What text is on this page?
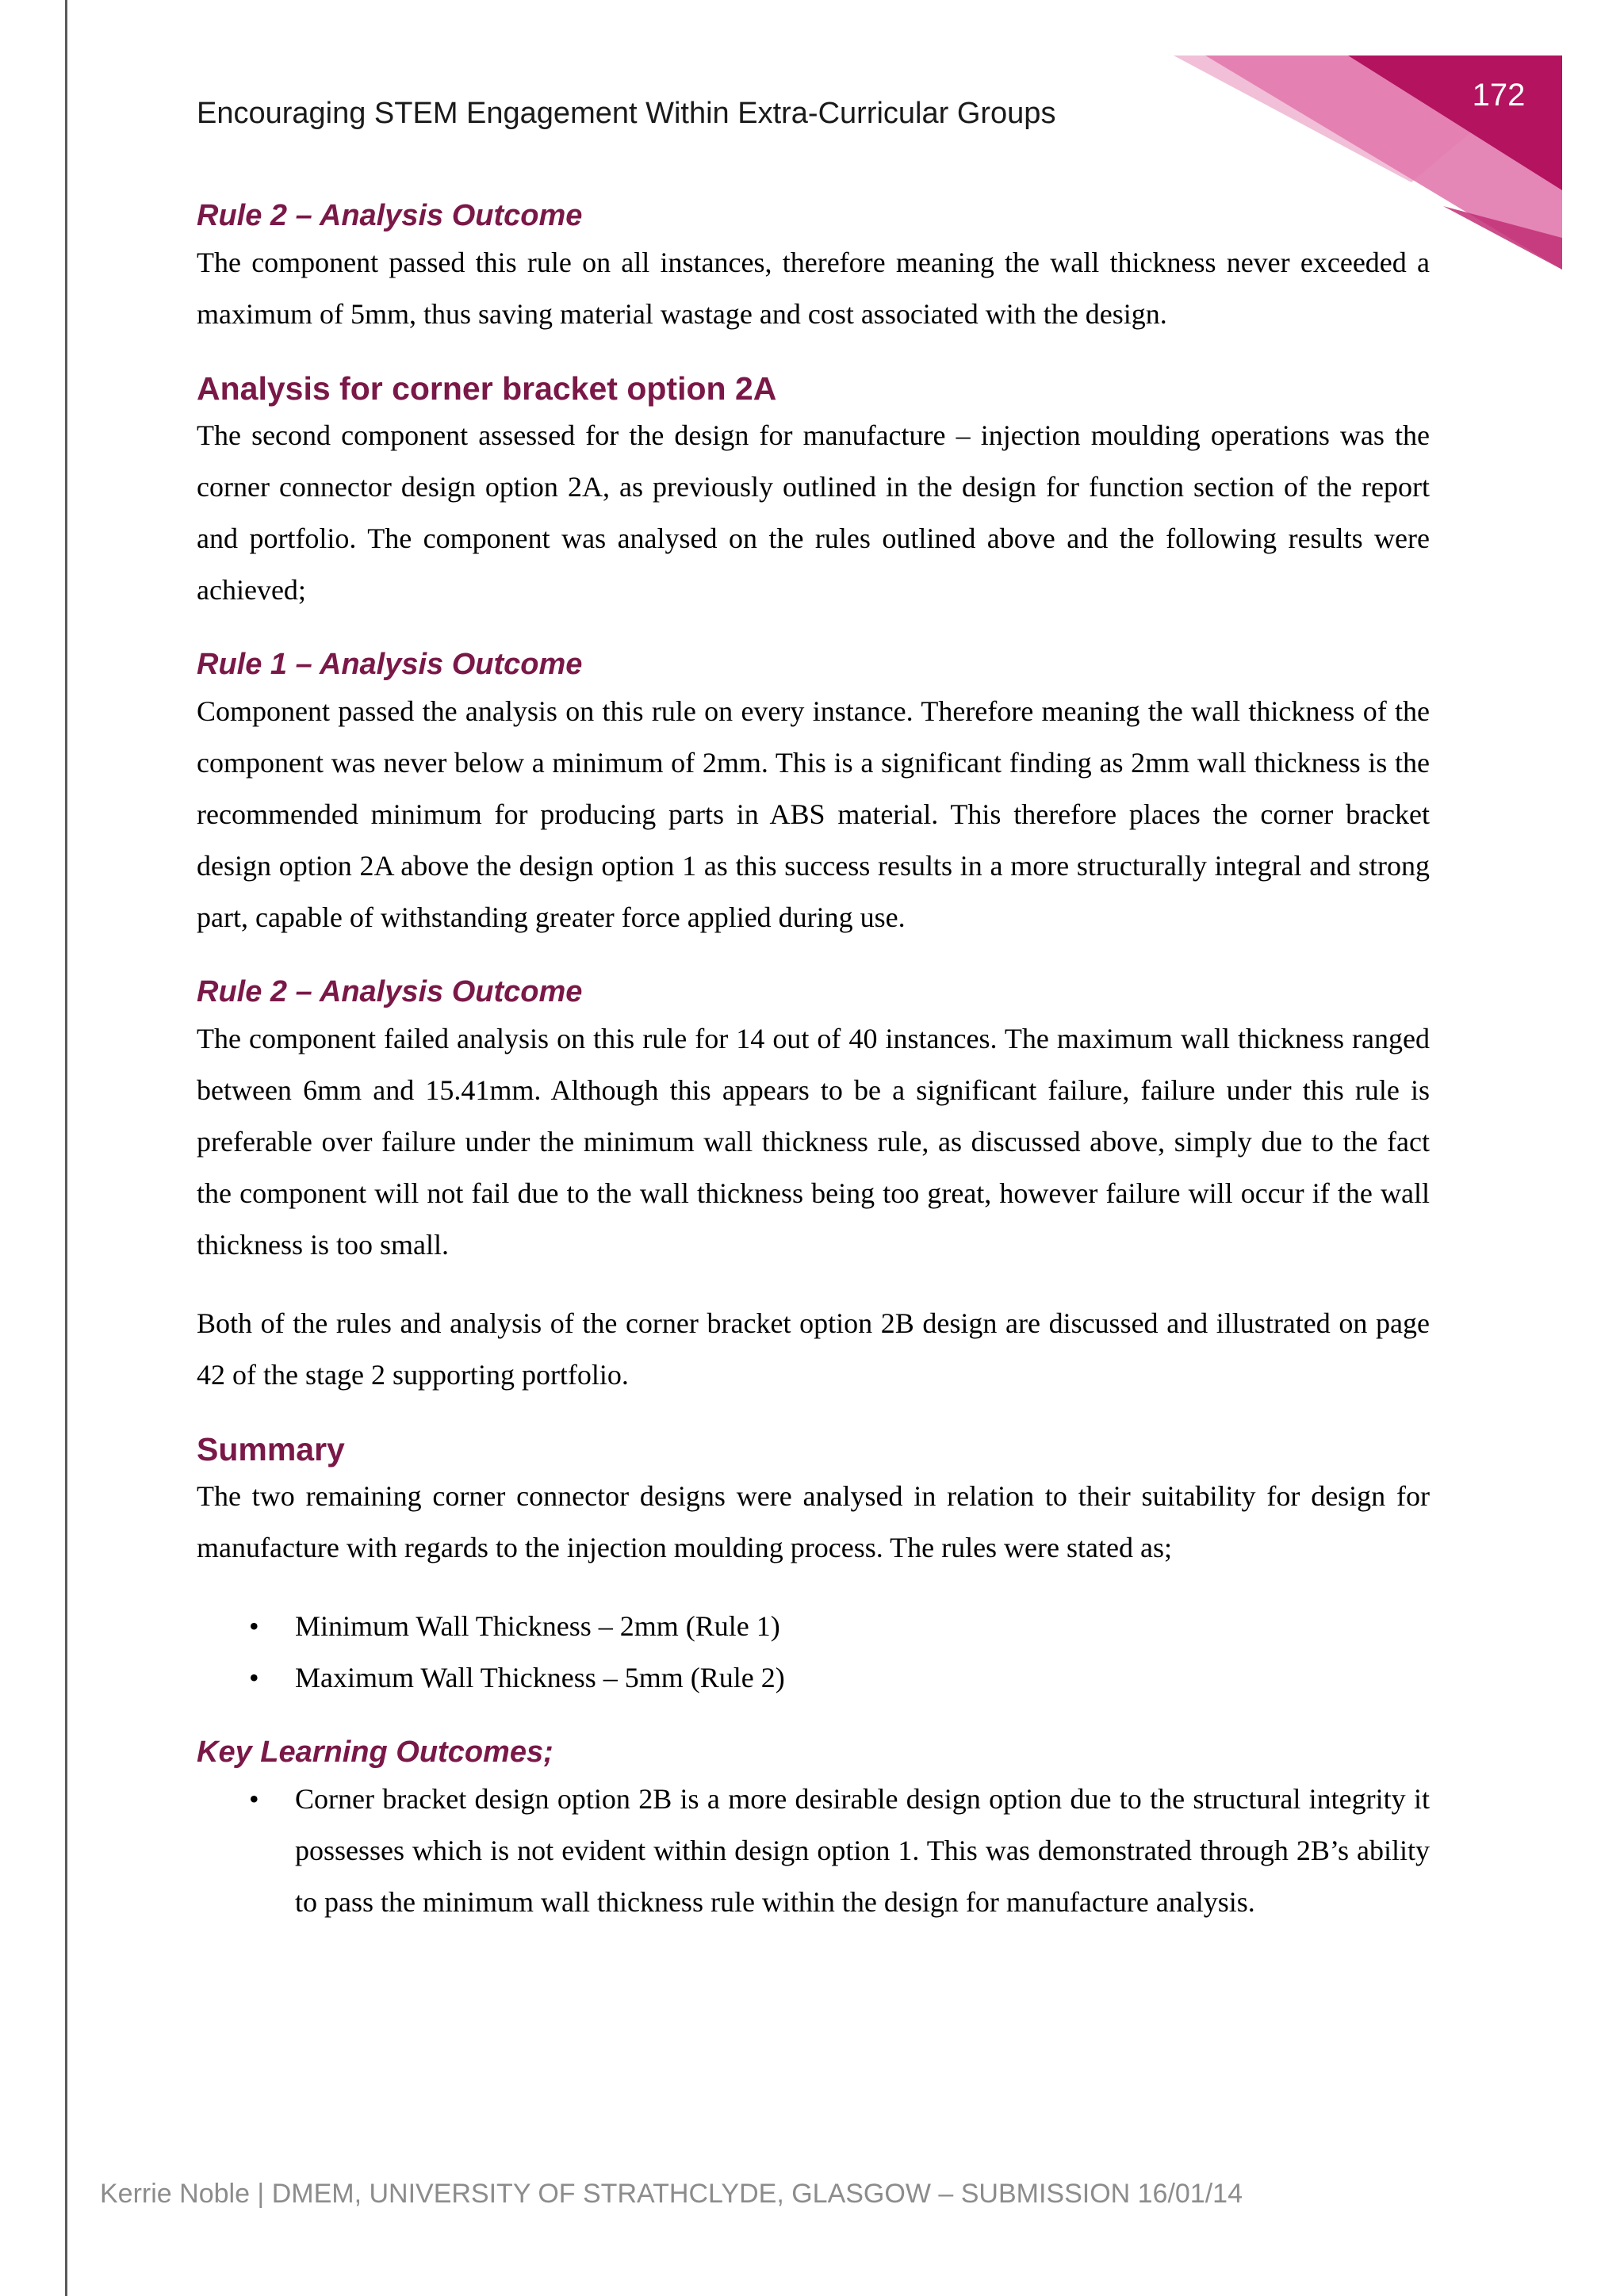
172
Encouraging STEM Engagement Within Extra-Curricular Groups
Rule 2 – Analysis Outcome

The component passed this rule on all instances, therefore meaning the wall thickness never exceeded a maximum of 5mm, thus saving material wastage and cost associated with the design.

Analysis for corner bracket option 2A

The second component assessed for the design for manufacture – injection moulding operations was the corner connector design option 2A, as previously outlined in the design for function section of the report and portfolio. The component was analysed on the rules outlined above and the following results were achieved;

Rule 1 – Analysis Outcome

Component passed the analysis on this rule on every instance. Therefore meaning the wall thickness of the component was never below a minimum of 2mm. This is a significant finding as 2mm wall thickness is the recommended minimum for producing parts in ABS material. This therefore places the corner bracket design option 2A above the design option 1 as this success results in a more structurally integral and strong part, capable of withstanding greater force applied during use.

Rule 2 – Analysis Outcome

The component failed analysis on this rule for 14 out of 40 instances. The maximum wall thickness ranged between 6mm and 15.41mm. Although this appears to be a significant failure, failure under this rule is preferable over failure under the minimum wall thickness rule, as discussed above, simply due to the fact the component will not fail due to the wall thickness being too great, however failure will occur if the wall thickness is too small.

Both of the rules and analysis of the corner bracket option 2B design are discussed and illustrated on page 42 of the stage 2 supporting portfolio.

Summary

The two remaining corner connector designs were analysed in relation to their suitability for design for manufacture with regards to the injection moulding process. The rules were stated as;

• Minimum Wall Thickness – 2mm (Rule 1)
• Maximum Wall Thickness – 5mm (Rule 2)
Key Learning Outcomes;
• Corner bracket design option 2B is a more desirable design option due to the structural integrity it possesses which is not evident within design option 1. This was demonstrated through 2B’s ability to pass the minimum wall thickness rule within the design for manufacture analysis.
Kerrie Noble | DMEM, UNIVERSITY OF STRATHCLYDE, GLASGOW – SUBMISSION 16/01/14
